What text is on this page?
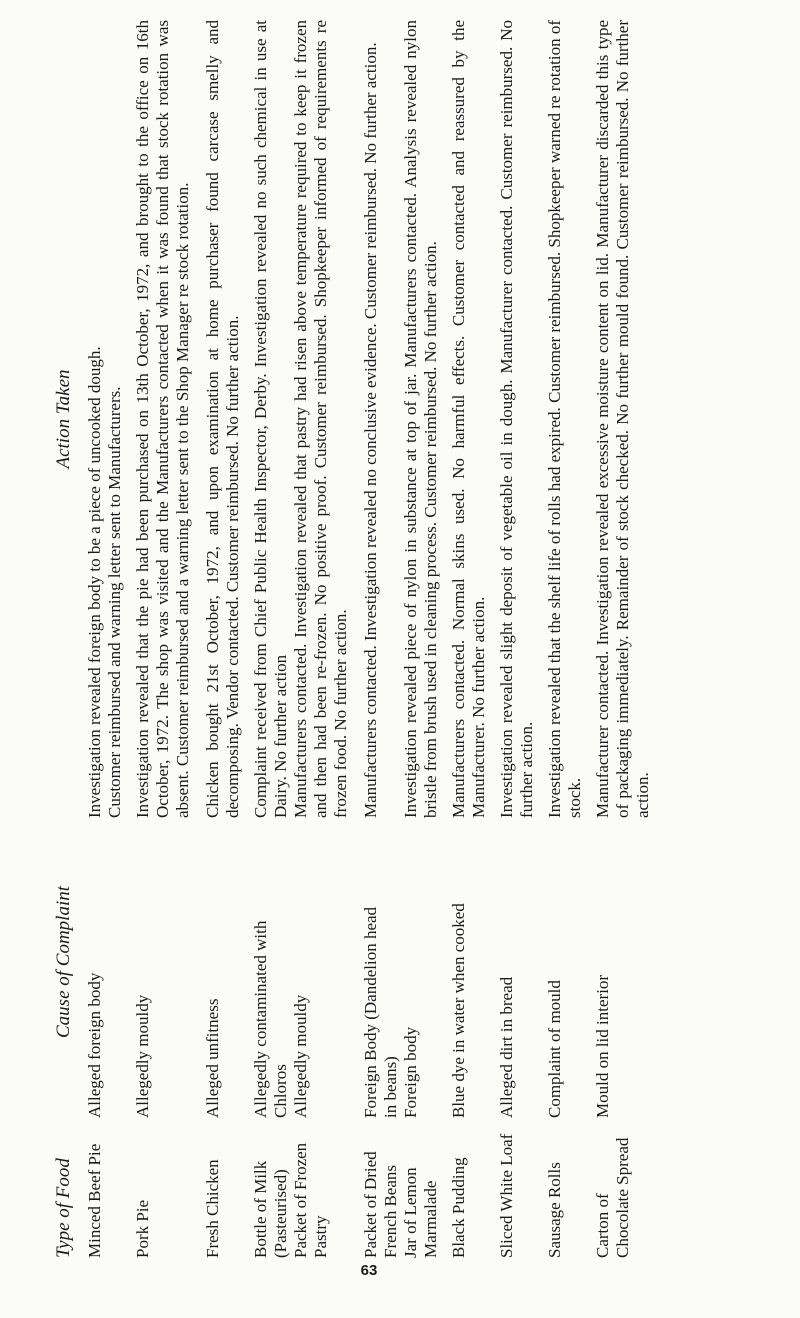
Type of Food
Cause of Complaint
Action Taken
Minced Beef Pie
Alleged foreign body
Investigation revealed foreign body to be a piece of uncooked dough. Customer reimbursed and warning letter sent to Manufacturers.
Pork Pie
Allegedly mouldy
Investigation revealed that the pie had been purchased on 13th October, 1972, and brought to the office on 16th October, 1972. The shop was visited and the Manufacturers contacted when it was found that stock rotation was absent. Customer reimbursed and a warning letter sent to the Shop Manager re stock rotation.
Fresh Chicken
Alleged unfitness
Chicken bought 21st October, 1972, and upon examination at home purchaser found carcase smelly and decomposing. Vendor contacted. Customer reimbursed. No further action.
Bottle of Milk (Pasteurised)
Allegedly contaminated with Chloros
Complaint received from Chief Public Health Inspector, Derby. Investigation revealed no such chemical in use at Dairy. No further action
Packet of Frozen Pastry
Allegedly mouldy
Manufacturers contacted. Investigation revealed that pastry had risen above temperature required to keep it frozen and then had been re-frozen. No positive proof. Customer reimbursed. Shopkeeper informed of requirements re frozen food. No further action.
Packet of Dried French Beans
Foreign Body (Dandelion head in beans)
Manufacturers contacted. Investigation revealed no conclusive evidence. Customer reimbursed. No further action.
Jar of Lemon Marmalade
Foreign body
Investigation revealed piece of nylon in substance at top of jar. Manufacturers contacted. Analysis revealed nylon bristle from brush used in cleaning process. Customer reimbursed. No further action.
Black Pudding
Blue dye in water when cooked
Manufacturers contacted. Normal skins used. No harmful effects. Customer contacted and reassured by the Manufacturer. No further action.
Sliced White Loaf
Alleged dirt in bread
Investigation revealed slight deposit of vegetable oil in dough. Manufacturer contacted. Customer reimbursed. No further action.
Sausage Rolls
Complaint of mould
Investigation revealed that the shelf life of rolls had expired. Customer reimbursed. Shopkeeper warned re rotation of stock.
Carton of Chocolate Spread
Mould on lid interior
Manufacturer contacted. Investigation revealed excessive moisture content on lid. Manufacturer discarded this type of packaging immediately. Remainder of stock checked. No further mould found. Customer reimbursed. No further action.
63
